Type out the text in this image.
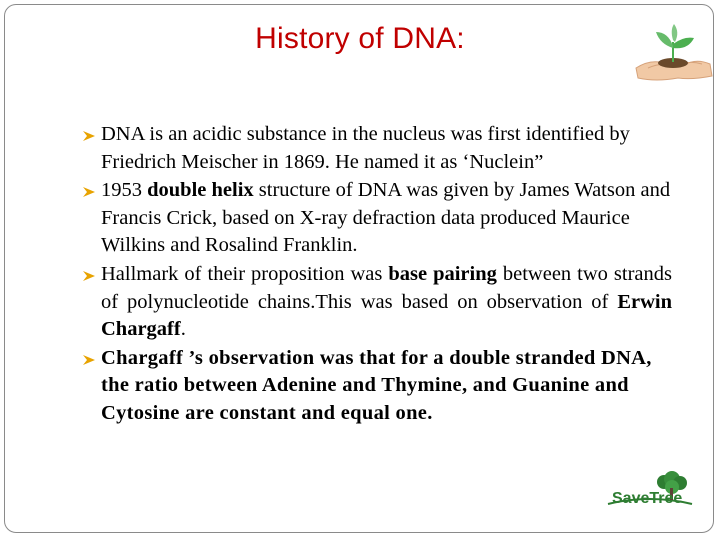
History of DNA:
DNA is an acidic substance in the nucleus was first identified by Friedrich Meischer in 1869. He named it as ‘Nuclein”
1953 double helix structure of DNA was given by James Watson and Francis Crick, based on X-ray defraction data produced Maurice Wilkins and Rosalind Franklin.
Hallmark of their proposition was base pairing between two strands of polynucleotide chains.This was based on observation of Erwin Chargaff.
Chargaff ’s observation was that for a double stranded DNA, the ratio between Adenine and Thymine, and Guanine and Cytosine are constant and equal one.
SaveTree
